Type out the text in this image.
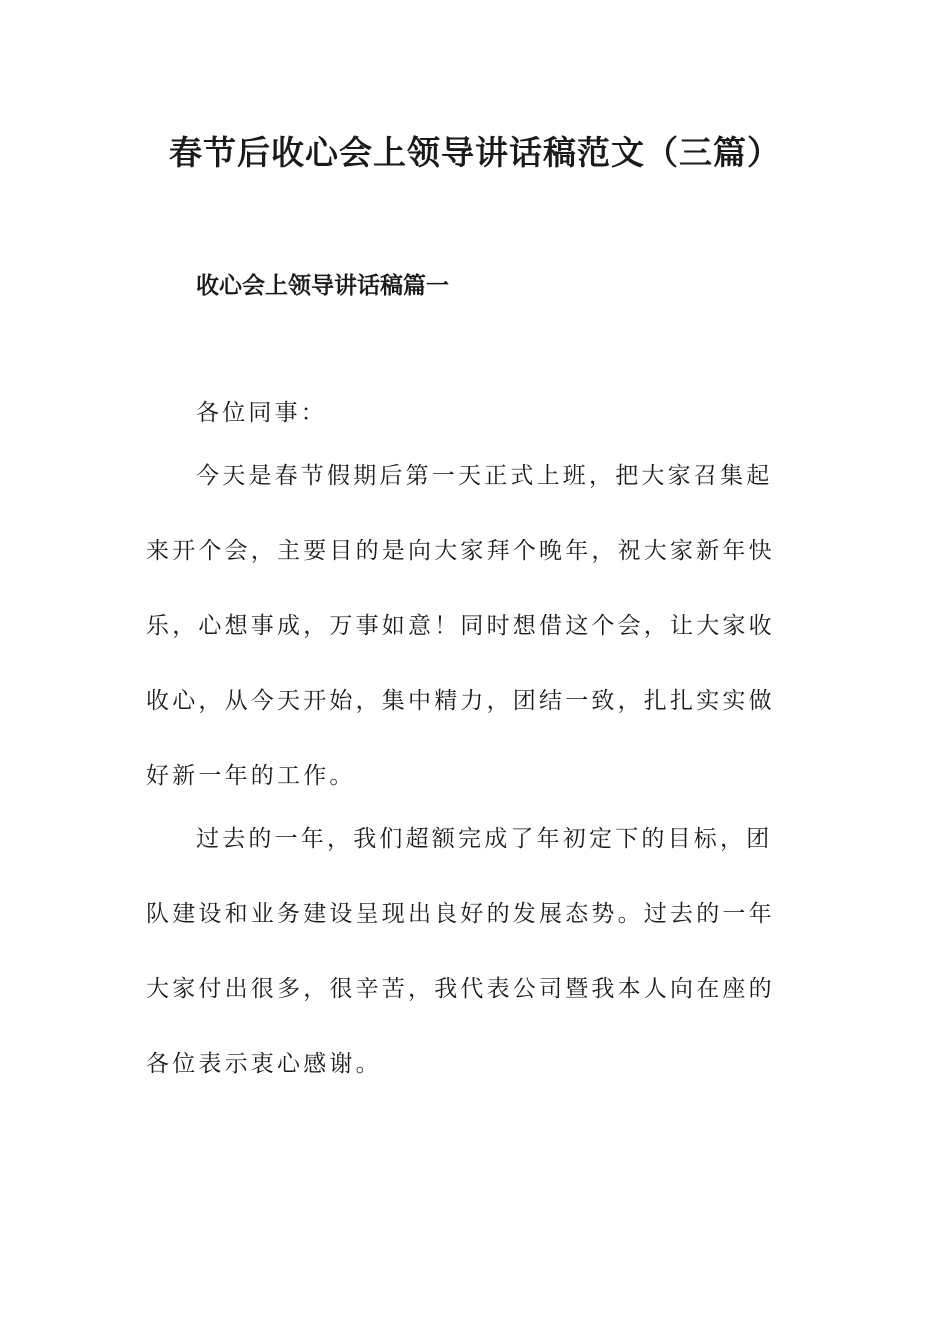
春节后收心会上领导讲话稿范文（三篇）
收心会上领导讲话稿篇一

各位同事：

今天是春节假期后第一天正式上班，把大家召集起来开个会，主要目的是向大家拜个晚年，祝大家新年快乐，心想事成，万事如意！同时想借这个会，让大家收收心，从今天开始，集中精力，团结一致，扎扎实实做好新一年的工作。

过去的一年，我们超额完成了年初定下的目标，团队建设和业务建设呈现出良好的发展态势。过去的一年大家付出很多，很辛苦，我代表公司暨我本人向在座的各位表示衷心感谢。
